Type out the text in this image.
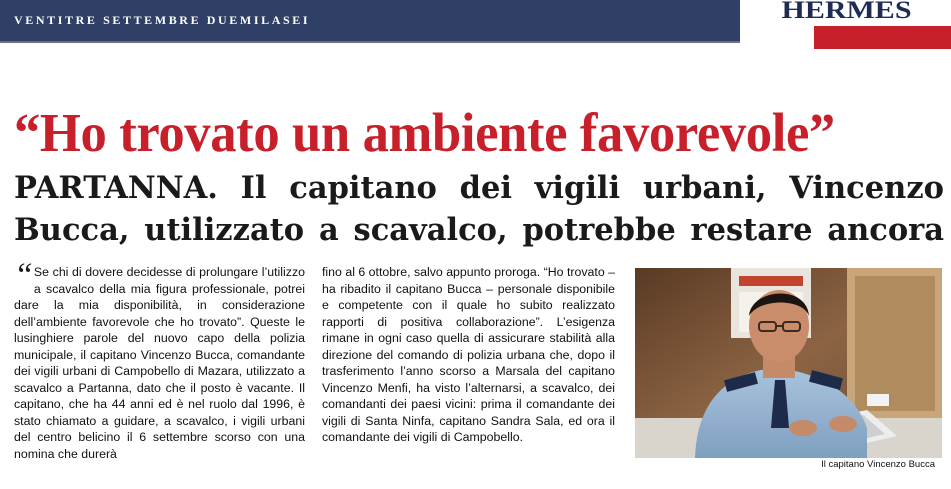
VENTITRE SETTEMBRE DUEMILASEI	HERMES
“Ho trovato un ambiente favorevole”
PARTANNA. Il capitano dei vigili urbani, Vincenzo
Bucca, utilizzato a scavalco, potrebbe restare ancora
“ Se chi di dovere decidesse di prolungare l’utilizzo a scavalco della mia figura professionale, potrei dare la mia disponibilità, in considerazione dell’ambiente favorevole che ho trovato”. Queste le lusinghiere parole del nuovo capo della polizia municipale, il capitano Vincenzo Bucca, comandante dei vigili urbani di Campobello di Mazara, utilizzato a scavalco a Partanna, dato che il posto è vacante. Il capitano, che ha 44 anni ed è nel ruolo dal 1996, è stato chiamato a guidare, a scavalco, i vigili urbani del centro belicino il 6 settembre scorso con una nomina che durerà

fino al 6 ottobre, salvo appunto proroga. “Ho trovato – ha ribadito il capitano Bucca – personale disponibile e competente con il quale ho subito realizzato rapporti di positiva collaborazione”. L’esigenza rimane in ogni caso quella di assicurare stabilità alla direzione del comando di polizia urbana che, dopo il trasferimento l’anno scorso a Marsala del capitano Vincenzo Menfi, ha visto l’alternarsi, a scavalco, dei comandanti dei paesi vicini: prima il comandante dei vigili di Santa Ninfa, capitano Sandra Sala, ed ora il comandante dei vigili di Campobello.

Il capitano Vincenzo Bucca
